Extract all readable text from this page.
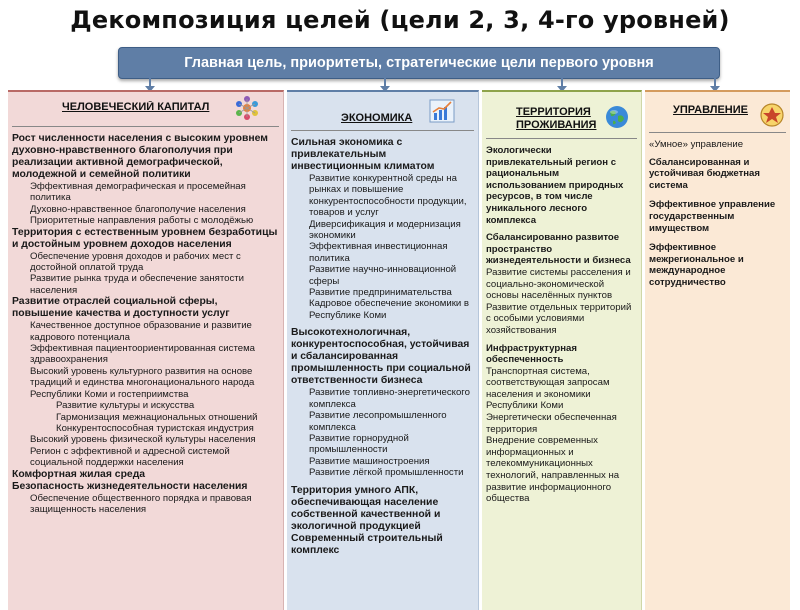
Декомпозиция целей (цели 2, 3, 4-го уровней)
Главная цель, приоритеты, стратегические цели первого уровня
ЧЕЛОВЕЧЕСКИЙ КАПИТАЛ
Рост численности населения с высоким уровнем духовно-нравственного благополучия при реализации активной демографической, молодежной и семейной политики
Эффективная демографическая и просемейная политика
Духовно-нравственное благополучие населения
Приоритетные направления работы с молодёжью
Территория с естественным уровнем безработицы и достойным уровнем доходов населения
Обеспечение уровня доходов и рабочих мест с достойной оплатой труда
Развитие рынка труда и обеспечение занятости населения
Развитие отраслей социальной сферы, повышение качества и доступности услуг
Качественное доступное образование и развитие кадрового потенциала
Эффективная пациентоориентированная система здравоохранения
Высокий уровень культурного развития на основе традиций и единства многонационального народа Республики Коми и гостеприимства
Развитие культуры и искусства
Гармонизация межнациональных отношений
Конкурентоспособная туристская индустрия
Высокий уровень физической культуры населения
Регион с эффективной и адресной системой социальной поддержки населения
Комфортная жилая среда
Безопасность жизнедеятельности населения
Обеспечение общественного порядка и правовая защищенность населения
ЭКОНОМИКА
Сильная экономика с привлекательным инвестиционным климатом
Развитие конкурентной среды на рынках и повышение конкурентоспособности продукции, товаров и услуг
Диверсификация и модернизация экономики
Эффективная инвестиционная политика
Развитие научно-инновационной сферы
Развитие предпринимательства
Кадровое обеспечение экономики в Республике Коми
Высокотехнологичная, конкурентоспособная, устойчивая и сбалансированная промышленность при социальной ответственности бизнеса
Развитие топливно-энергетического комплекса
Развитие лесопромышленного комплекса
Развитие горнорудной промышленности
Развитие машиностроения
Развитие лёгкой промышленности
Территория умного АПК, обеспечивающая население собственной качественной и экологичной продукцией
Современный строительный комплекс
ТЕРРИТОРИЯ
ПРОЖИВАНИЯ
Экологически привлекательный регион с рациональным использованием природных ресурсов, в том числе уникального лесного комплекса
Сбалансированно развитое пространство жизнедеятельности и бизнеса
Развитие системы расселения и социально-экономической основы населённых пунктов
Развитие отдельных территорий с особыми условиями хозяйствования
Инфраструктурная обеспеченность
Транспортная система, соответствующая запросам населения и экономики Республики Коми
Энергетически обеспеченная территория
Внедрение современных информационных и телекоммуникационных технологий, направленных на развитие информационного общества
УПРАВЛЕНИЕ
«Умное» управление
Сбалансированная и устойчивая бюджетная система
Эффективное управление государственным имуществом
Эффективное межрегиональное и международное сотрудничество
